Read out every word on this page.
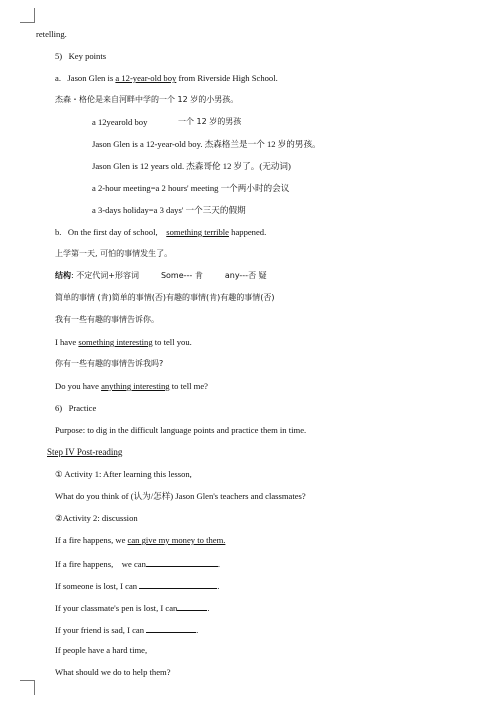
retelling.
5)   Key points
a.   Jason Glen is a 12-year-old boy from Riverside High School.
杰森・格伦是来自河畔中学的一个 12 岁的小男孩。
a 12yearold boy	一个 12 岁的男孩
Jason Glen is a 12-year-old boy. 杰森格兰是一个 12 岁的男孩。
Jason Glen is 12 years old. 杰森哥伦 12 岁了。(无动词)
a 2-hour meeting=a 2 hours' meeting 一个两小时的会议
a 3-days holiday=a 3 days' 一个三天的假期
b.   On the first day of school,    something terrible happened.
上学第一天, 可怕的事情发生了。
结构: 不定代词+形容词	Some--- 肯	any---否 疑
简单的事情 (肯)简单的事情(否)有趣的事情(肯)有趣的事情(否)
我有一些有趣的事情告诉你。
I have something interesting to tell you.
你有一些有趣的事情告诉我吗?
Do you have anything interesting to tell me?
6)   Practice
Purpose: to dig in the difficult language points and practice them in time.
Step IV Post-reading
① Activity 1: After learning this lesson,
What do you think of (认为/怎样) Jason Glen's teachers and classmates?
②Activity 2: discussion
If a fire happens, we can give my money to them.
If a fire happens,    we can	.
If someone is lost, I can	.
If your classmate's pen is lost, I can	.
If your friend is sad, I can	.
If people have a hard time,
What should we do to help them?
